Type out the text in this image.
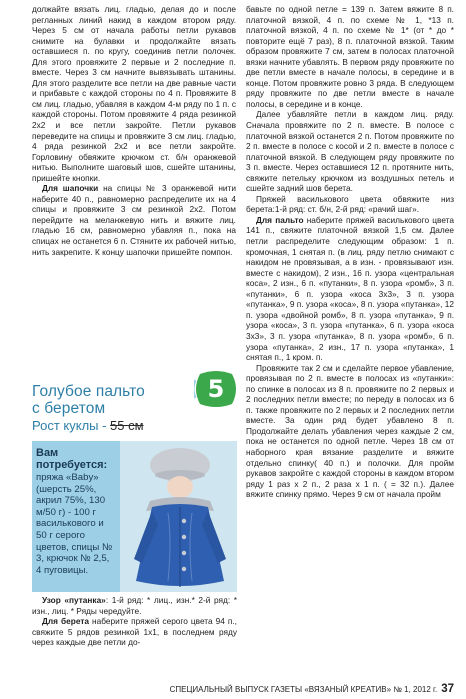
должайте вязать лиц. гладью, делая до и после регланных линий накид в каждом втором ряду. Через 5 см от начала работы петли рукавов снимите на булавки и продолжайте вязать оставшиеся п. по кругу, соединив петли полочек. Для этого провяжите 2 первые и 2 последние п. вместе. Через 3 см начните вывязывать штанины. Для этого разделите все петли на две равные части и прибавьте с каждой стороны по 4 п. Провяжите 8 см лиц. гладью, убавляя в каждом 4-м ряду по 1 п. с каждой стороны. Потом провяжите 4 ряда резинкой 2х2 и все петли закройте. Петли рукавов переведите на спицы и провяжите 3 см лиц. гладью, 4 ряда резинкой 2х2 и все петли закройте. Горловину обвяжите крючком ст. б/н оранжевой нитью. Выполните шаговый шов, сшейте штанины, пришейте кнопки.

Для шапочки на спицы № 3 оранжевой нити наберите 40 п., равномерно распределите их на 4 спицы и провяжите 3 см резинкой 2х2. Потом перейдите на меланжевую нить и вяжите лиц. гладью 16 см, равномерно убавляя п., пока на спицах не останется 6 п. Стяните их рабочей нитью, нить закрепите. К концу шапочки пришейте помпон.

Голубое пальто
с беретом
Рост куклы - 55 см
5
Вам потребуется:
пряжа «Baby» (шерсть 25%, акрил 75%, 130 м/50 г) - 100 г василькового и 50 г серого цветов, спицы № 3, крючок № 2,5, 4 пуговицы.

Узор «путанка»: 1-й ряд: * лиц., изн.* 2-й ряд: * изн., лиц. * Ряды чередуйте.

Для берета наберите пряжей серого цвета 94 п., свяжите 5 рядов резинкой 1х1, в последнем ряду через каждые две петли до-

бавьте по одной петле = 139 п. Затем вяжите 8 п. платочной вязкой, 4 п. по схеме № 1, *13 п. платочной вязкой, 4 п. по схеме № 1* (от * до * повторите ещё 7 раз), 8 п. платочной вязкой. Таким образом провяжите 7 см, затем в полосах платочной вязки начните убавлять. В первом ряду провяжите по две петли вместе в начале полосы, в середине и в конце. Потом провяжите ровно 3 ряда. В следующем ряду провяжите по две петли вместе в начале полосы, в середине и в конце.

Далее убавляйте петли в каждом лиц. ряду. Сначала провяжите по 2 п. вместе. В полосе с платочной вязкой останется 2 п. Потом провяжите по 2 п. вместе в полосе с косой и 2 п. вместе в полосе с платочной вязкой. В следующем ряду провяжите по 3 п. вместе. Через оставшиеся 12 п. протяните нить, свяжите петельку крючком из воздушных петель и сшейте задний шов берета.

Пряжей василькового цвета обвяжите низ берета:1-й ряд: ст. б/н, 2-й ряд: «рачий шаг».

Для пальто наберите пряжей василькового цвета 141 п., свяжите платочной вязкой 1,5 см. Далее петли распределите следующим образом: 1 п. кромочная, 1 снятая п. (в лиц. ряду петлю снимают с накидом не провязывая, а в изн. - провязывают изн. вместе с накидом), 2 изн., 16 п. узора «центральная коса», 2 изн., 6 п. «путанки», 8 п. узора «ромб», 3 п. «путанки», 6 п. узора «коса 3х3», 3 п. узора «путанка», 9 п. узора «коса», 8 п. узора «путанка», 12 п. узора «двойной ромб», 8 п. узора «путанка», 9 п. узора «коса», 3 п. узора «путанка», 6 п. узора «коса 3х3», 3 п. узора «путанка», 8 п. узора «ромб», 6 п. узора «путанка», 2 изн., 17 п. узора «путанка», 1 снятая п., 1 кром. п.

Провяжите так 2 см и сделайте первое убавление, провязывая по 2 п. вместе в полосах из «путанки»: по спинке в полосах из 8 п. провяжите по 2 первых и 2 последних петли вместе; по переду в полосах из 6 п. также провяжите по 2 первых и 2 последних петли вместе. За один ряд будет убавлено 8 п. Продолжайте делать убавления через каждые 2 см, пока не останется по одной петле. Через 18 см от наборного края вязание разделите и вяжите отдельно спинку( 40 п.) и полочки. Для пройм рукавов закройте с каждой стороны в каждом втором ряду 1 раз х 2 п., 2 раза х 1 п. ( = 32 п.). Далее вяжите спинку прямо. Через 9 см от начала пройм

СПЕЦИАЛЬНЫЙ ВЫПУСК ГАЗЕТЫ «ВЯЗАНЫЙ КРЕАТИВ» № 1, 2012 г. 37
